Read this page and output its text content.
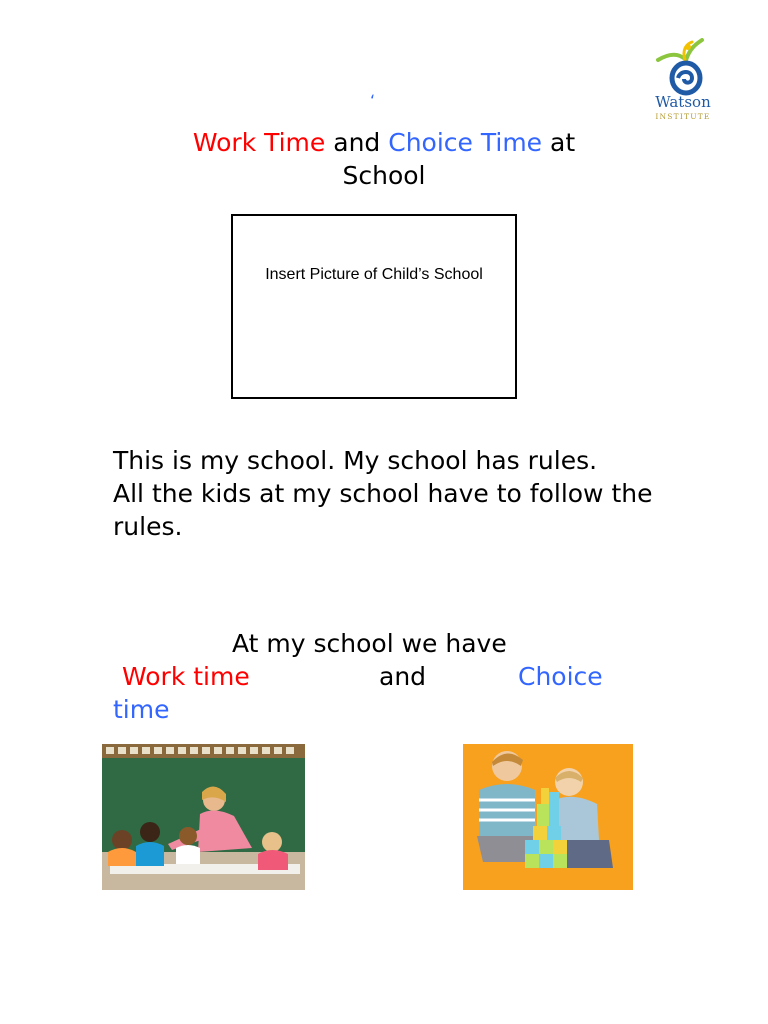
Watson
INSTITUTE
‘
Work Time and Choice Time at
School
Insert Picture of Child’s School

This is my school. My school has rules.

All the kids at my school have to follow the rules.

At my school we have
Work time	and	Choice
time
